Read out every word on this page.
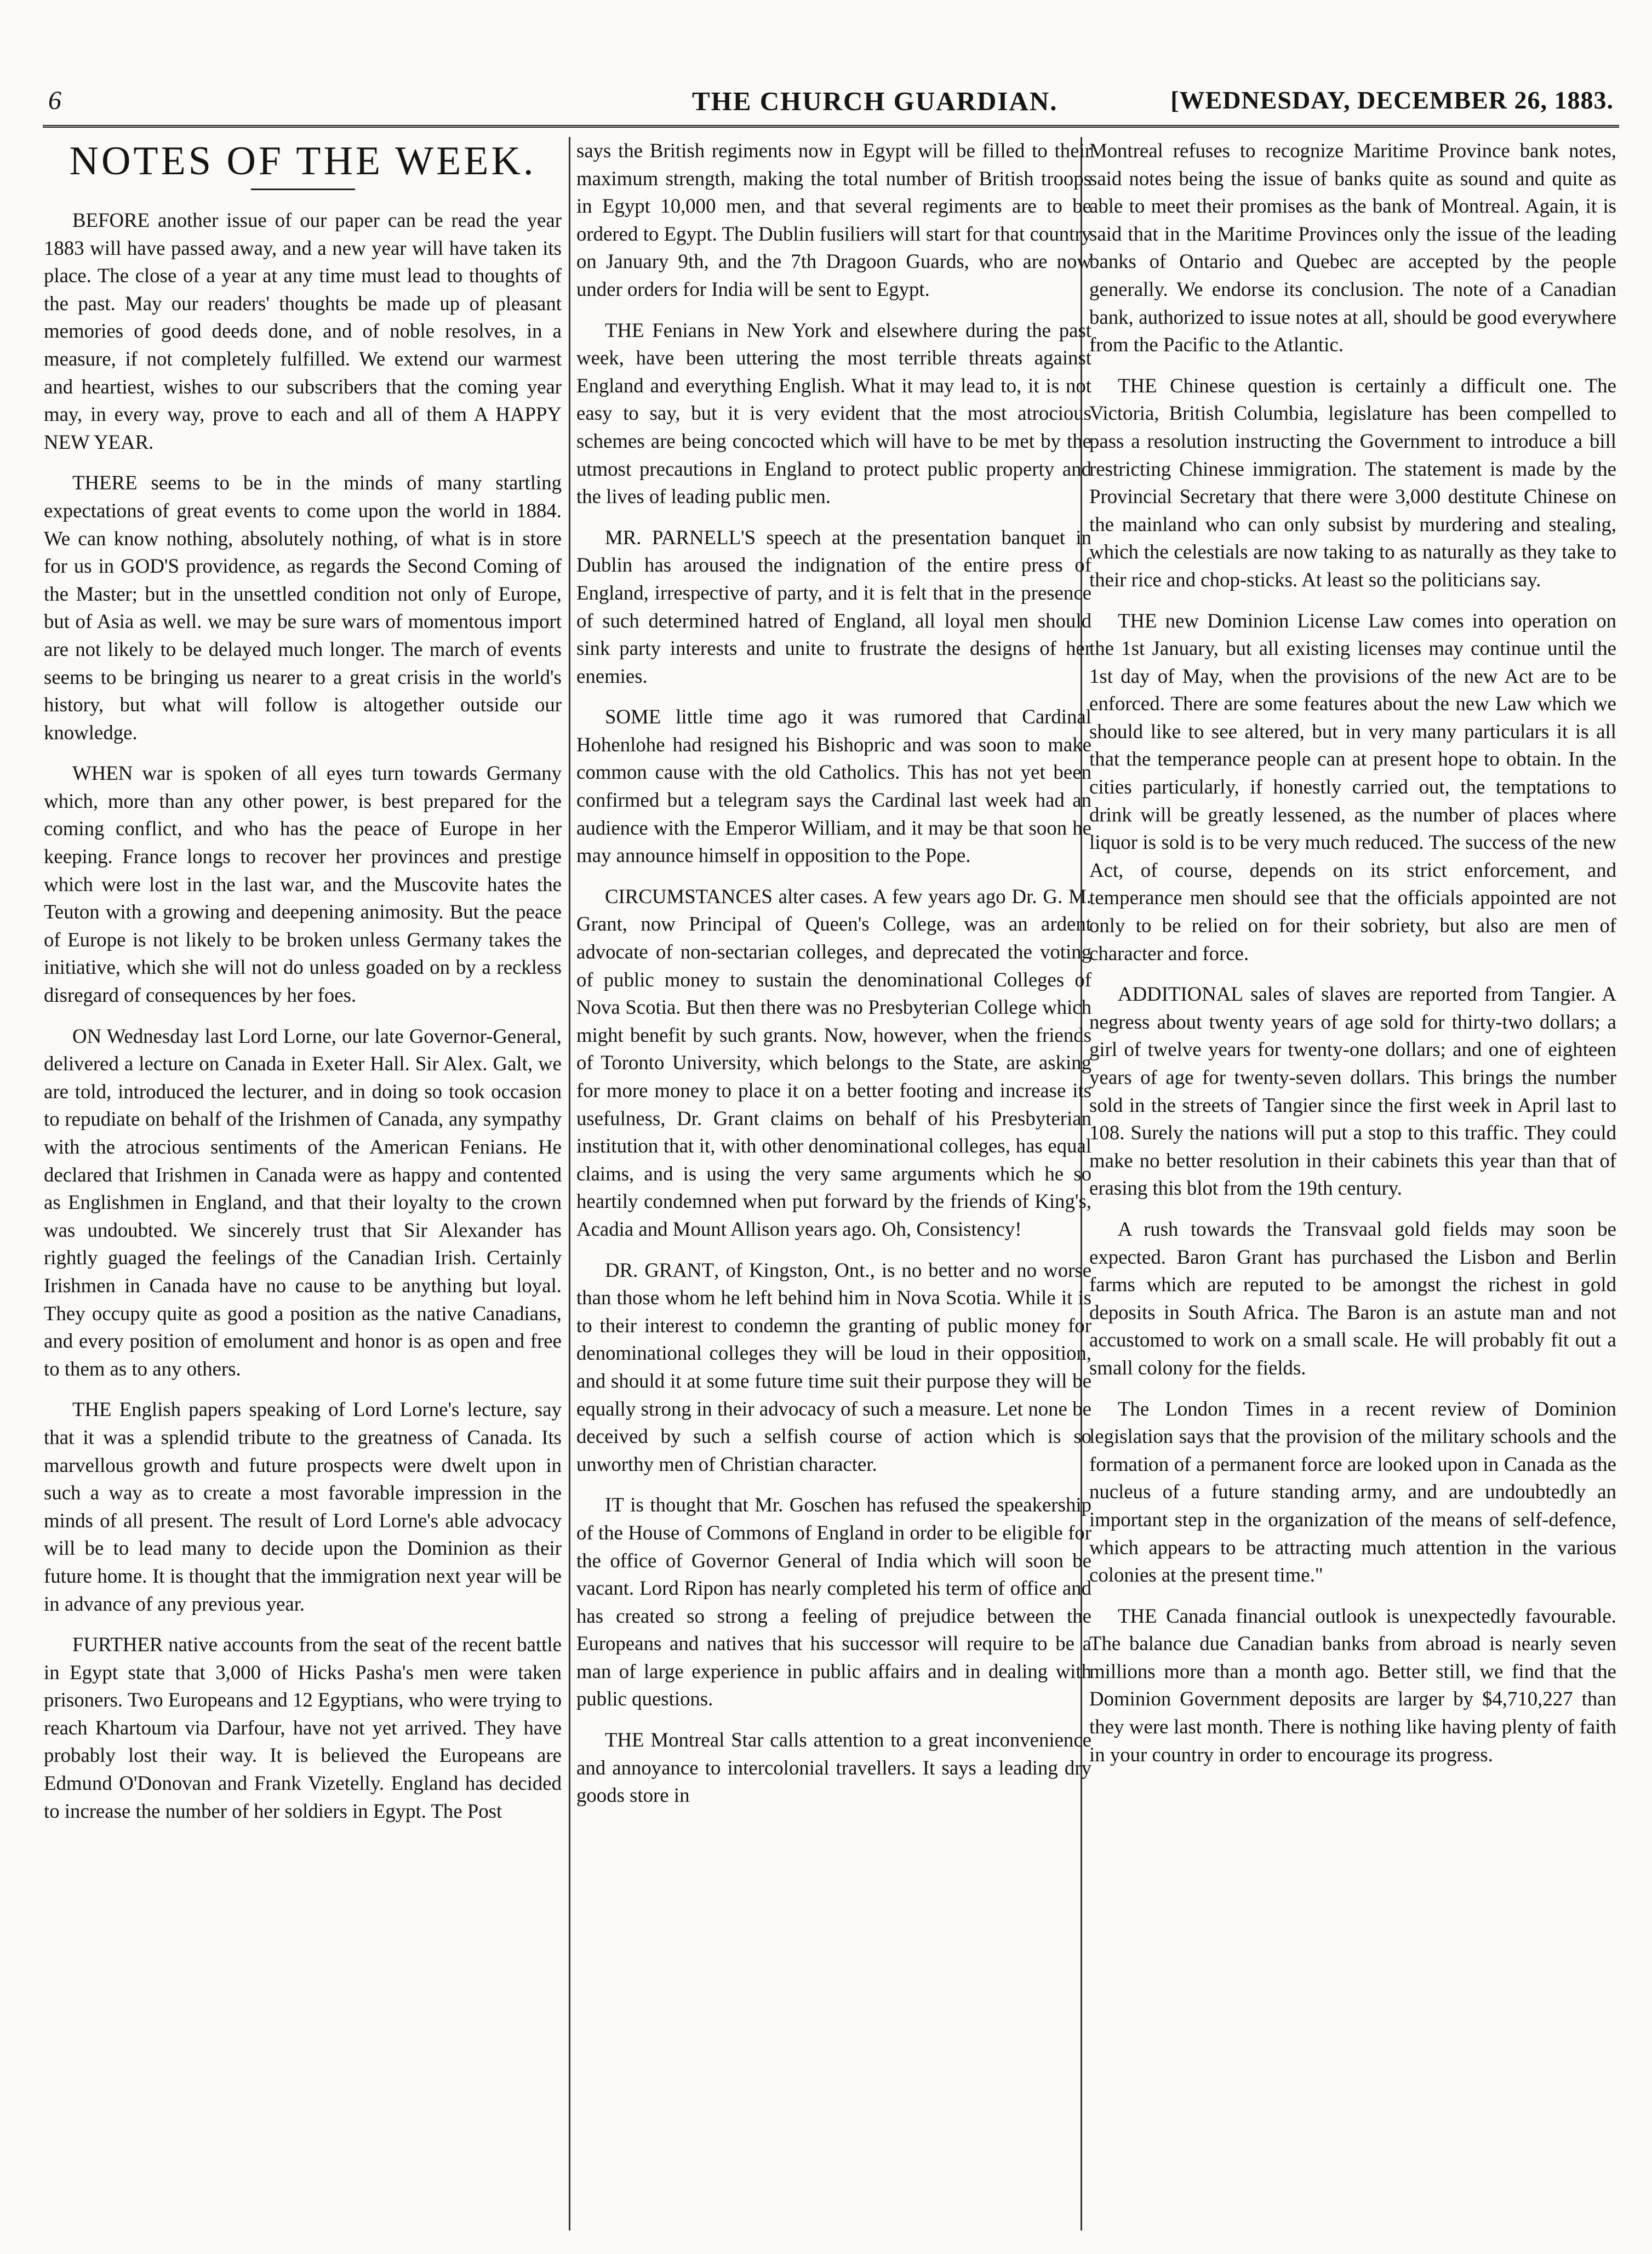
6	THE CHURCH GUARDIAN.	[WEDNESDAY, DECEMBER 26, 1883.
NOTES OF THE WEEK.

BEFORE another issue of our paper can be read the year 1883 will have passed away, and a new year will have taken its place. The close of a year at any time must lead to thoughts of the past. May our readers' thoughts be made up of pleasant memories of good deeds done, and of noble resolves, in a measure, if not completely fulfilled. We extend our warmest and heartiest, wishes to our subscribers that the coming year may, in every way, prove to each and all of them A HAPPY NEW YEAR.

THERE seems to be in the minds of many startling expectations of great events to come upon the world in 1884. We can know nothing, absolutely nothing, of what is in store for us in GOD'S providence, as regards the Second Coming of the Master; but in the unsettled condition not only of Europe, but of Asia as well. we may be sure wars of momentous import are not likely to be delayed much longer. The march of events seems to be bringing us nearer to a great crisis in the world's history, but what will follow is altogether outside our knowledge.

WHEN war is spoken of all eyes turn towards Germany which, more than any other power, is best prepared for the coming conflict, and who has the peace of Europe in her keeping. France longs to recover her provinces and prestige which were lost in the last war, and the Muscovite hates the Teuton with a growing and deepening animosity. But the peace of Europe is not likely to be broken unless Germany takes the initiative, which she will not do unless goaded on by a reckless disregard of consequences by her foes.

ON Wednesday last Lord Lorne, our late Governor-General, delivered a lecture on Canada in Exeter Hall. Sir Alex. Galt, we are told, introduced the lecturer, and in doing so took occasion to repudiate on behalf of the Irishmen of Canada, any sympathy with the atrocious sentiments of the American Fenians. He declared that Irishmen in Canada were as happy and contented as Englishmen in England, and that their loyalty to the crown was undoubted. We sincerely trust that Sir Alexander has rightly guaged the feelings of the Canadian Irish. Certainly Irishmen in Canada have no cause to be anything but loyal. They occupy quite as good a position as the native Canadians, and every position of emolument and honor is as open and free to them as to any others.

THE English papers speaking of Lord Lorne's lecture, say that it was a splendid tribute to the greatness of Canada. Its marvellous growth and future prospects were dwelt upon in such a way as to create a most favorable impression in the minds of all present. The result of Lord Lorne's able advocacy will be to lead many to decide upon the Dominion as their future home. It is thought that the immigration next year will be in advance of any previous year.

FURTHER native accounts from the seat of the recent battle in Egypt state that 3,000 of Hicks Pasha's men were taken prisoners. Two Europeans and 12 Egyptians, who were trying to reach Khartoum via Darfour, have not yet arrived. They have probably lost their way. It is believed the Europeans are Edmund O'Donovan and Frank Vizetelly. England has decided to increase the number of her soldiers in Egypt. The Post

says the British regiments now in Egypt will be filled to their maximum strength, making the total number of British troops in Egypt 10,000 men, and that several regiments are to be ordered to Egypt. The Dublin fusiliers will start for that country on January 9th, and the 7th Dragoon Guards, who are now under orders for India will be sent to Egypt.

THE Fenians in New York and elsewhere during the past week, have been uttering the most terrible threats against England and everything English. What it may lead to, it is not easy to say, but it is very evident that the most atrocious schemes are being concocted which will have to be met by the utmost precautions in England to protect public property and the lives of leading public men.

MR. PARNELL'S speech at the presentation banquet in Dublin has aroused the indignation of the entire press of England, irrespective of party, and it is felt that in the presence of such determined hatred of England, all loyal men should sink party interests and unite to frustrate the designs of her enemies.

SOME little time ago it was rumored that Cardinal Hohenlohe had resigned his Bishopric and was soon to make common cause with the old Catholics. This has not yet been confirmed but a telegram says the Cardinal last week had an audience with the Emperor William, and it may be that soon he may announce himself in opposition to the Pope.

CIRCUMSTANCES alter cases. A few years ago Dr. G. M. Grant, now Principal of Queen's College, was an ardent advocate of non-sectarian colleges, and deprecated the voting of public money to sustain the denominational Colleges of Nova Scotia. But then there was no Presbyterian College which might benefit by such grants. Now, however, when the friends of Toronto University, which belongs to the State, are asking for more money to place it on a better footing and increase its usefulness, Dr. Grant claims on behalf of his Presbyterian institution that it, with other denominational colleges, has equal claims, and is using the very same arguments which he so heartily condemned when put forward by the friends of King's, Acadia and Mount Allison years ago. Oh, Consistency!

DR. GRANT, of Kingston, Ont., is no better and no worse than those whom he left behind him in Nova Scotia. While it is to their interest to condemn the granting of public money for denominational colleges they will be loud in their opposition, and should it at some future time suit their purpose they will be equally strong in their advocacy of such a measure. Let none be deceived by such a selfish course of action which is so unworthy men of Christian character.

IT is thought that Mr. Goschen has refused the speakership of the House of Commons of England in order to be eligible for the office of Governor General of India which will soon be vacant. Lord Ripon has nearly completed his term of office and has created so strong a feeling of prejudice between the Europeans and natives that his successor will require to be a man of large experience in public affairs and in dealing with public questions.

THE Montreal Star calls attention to a great inconvenience and annoyance to intercolonial travellers. It says a leading dry goods store in

Montreal refuses to recognize Maritime Province bank notes, said notes being the issue of banks quite as sound and quite as able to meet their promises as the bank of Montreal. Again, it is said that in the Maritime Provinces only the issue of the leading banks of Ontario and Quebec are accepted by the people generally. We endorse its conclusion. The note of a Canadian bank, authorized to issue notes at all, should be good everywhere from the Pacific to the Atlantic.

THE Chinese question is certainly a difficult one. The Victoria, British Columbia, legislature has been compelled to pass a resolution instructing the Government to introduce a bill restricting Chinese immigration. The statement is made by the Provincial Secretary that there were 3,000 destitute Chinese on the mainland who can only subsist by murdering and stealing, which the celestials are now taking to as naturally as they take to their rice and chop-sticks. At least so the politicians say.

THE new Dominion License Law comes into operation on the 1st January, but all existing licenses may continue until the 1st day of May, when the provisions of the new Act are to be enforced. There are some features about the new Law which we should like to see altered, but in very many particulars it is all that the temperance people can at present hope to obtain. In the cities particularly, if honestly carried out, the temptations to drink will be greatly lessened, as the number of places where liquor is sold is to be very much reduced. The success of the new Act, of course, depends on its strict enforcement, and temperance men should see that the officials appointed are not only to be relied on for their sobriety, but also are men of character and force.

ADDITIONAL sales of slaves are reported from Tangier. A negress about twenty years of age sold for thirty-two dollars; a girl of twelve years for twenty-one dollars; and one of eighteen years of age for twenty-seven dollars. This brings the number sold in the streets of Tangier since the first week in April last to 108. Surely the nations will put a stop to this traffic. They could make no better resolution in their cabinets this year than that of erasing this blot from the 19th century.

A rush towards the Transvaal gold fields may soon be expected. Baron Grant has purchased the Lisbon and Berlin farms which are reputed to be amongst the richest in gold deposits in South Africa. The Baron is an astute man and not accustomed to work on a small scale. He will probably fit out a small colony for the fields.

The London Times in a recent review of Dominion legislation says that the provision of the military schools and the formation of a permanent force are looked upon in Canada as the nucleus of a future standing army, and are undoubtedly an important step in the organization of the means of self-defence, which appears to be attracting much attention in the various colonies at the present time."

THE Canada financial outlook is unexpectedly favourable. The balance due Canadian banks from abroad is nearly seven millions more than a month ago. Better still, we find that the Dominion Government deposits are larger by $4,710,227 than they were last month. There is nothing like having plenty of faith in your country in order to encourage its progress.
